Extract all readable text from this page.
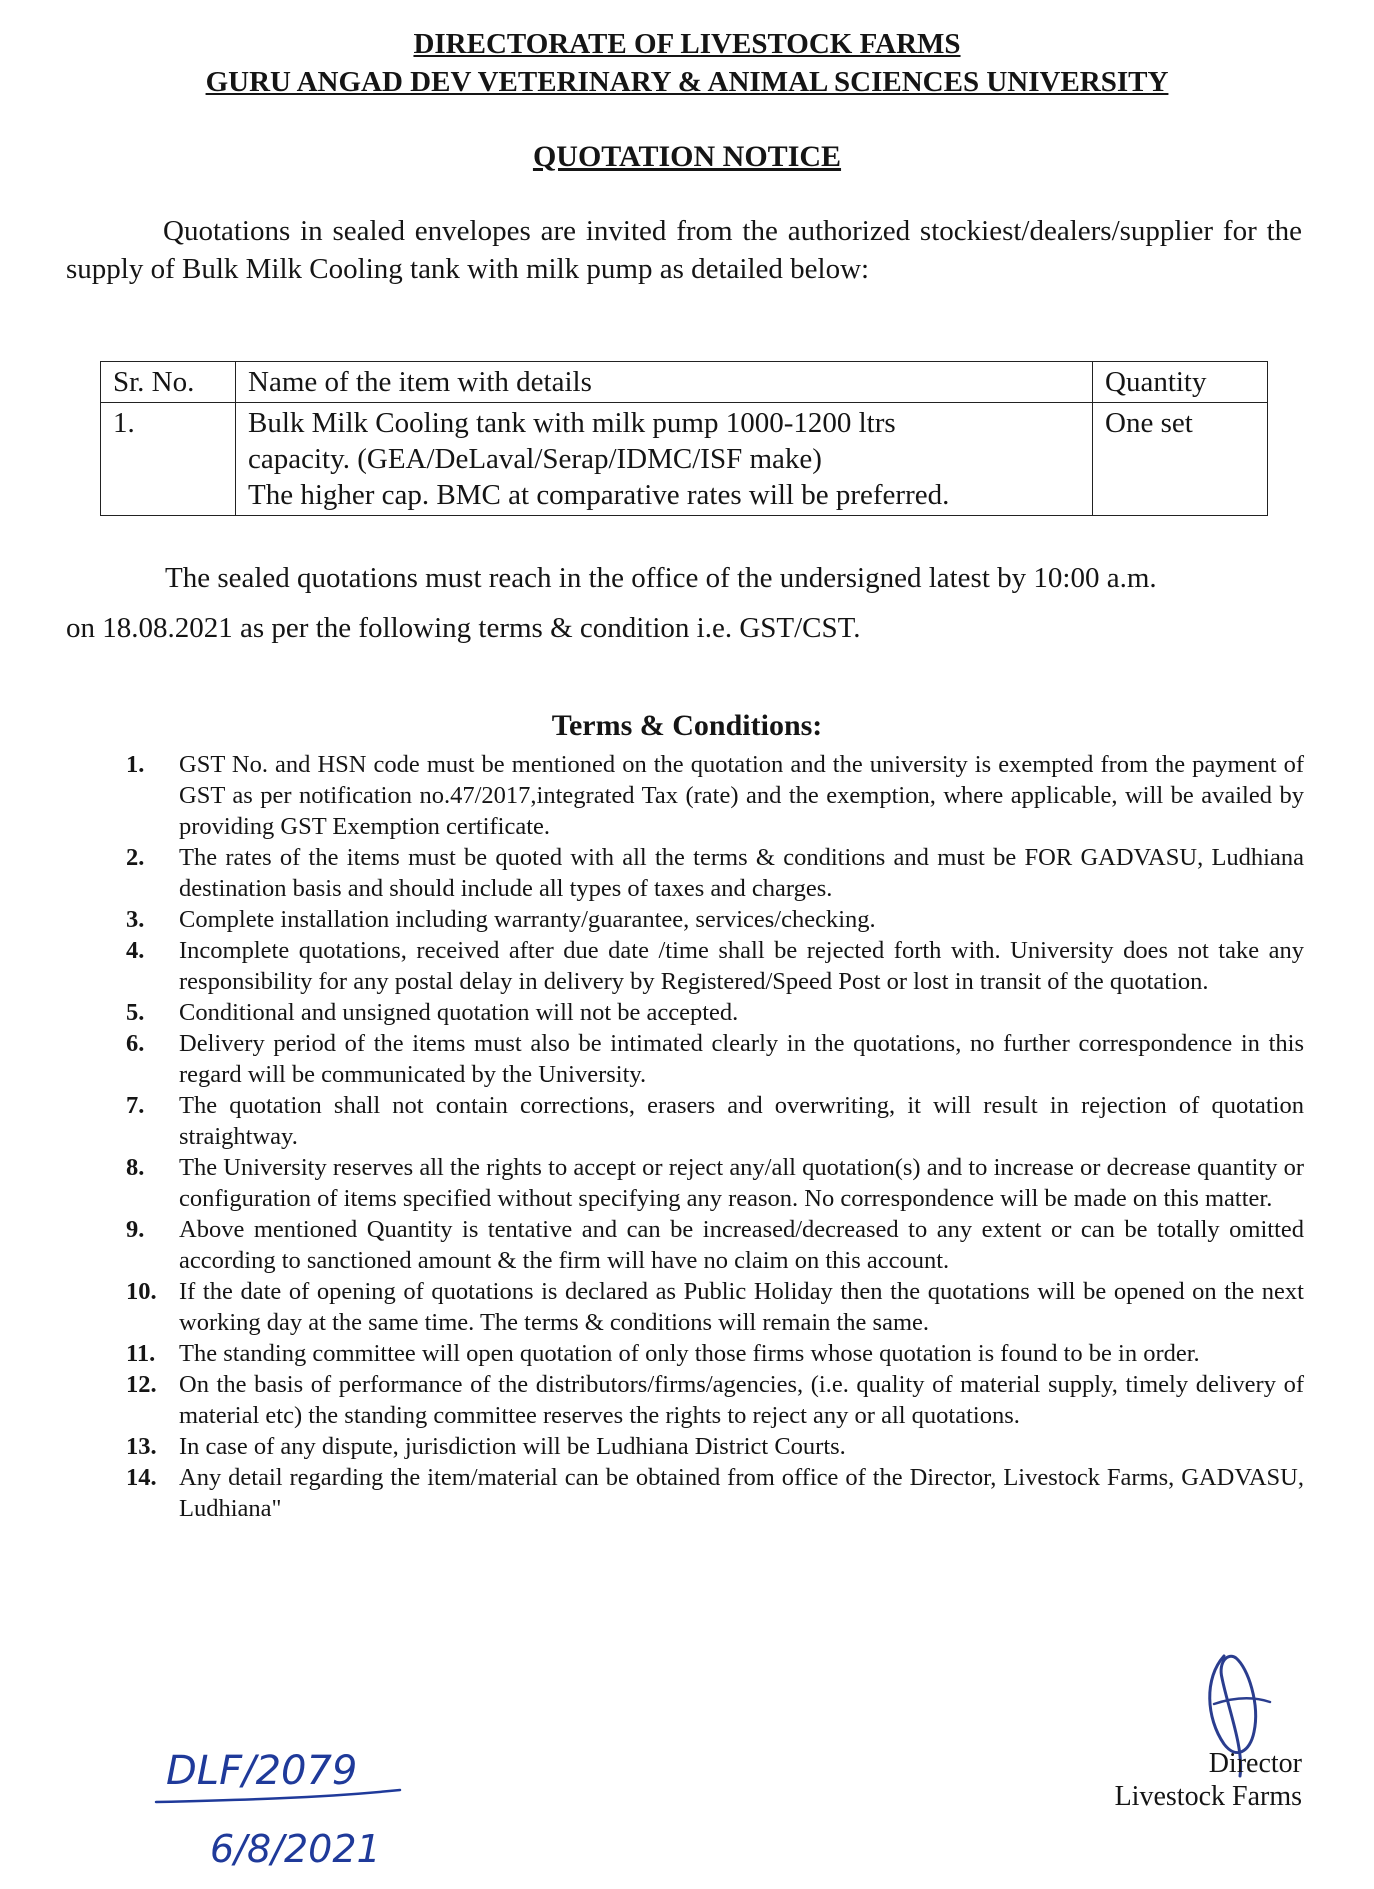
DIRECTORATE OF LIVESTOCK FARMS
GURU ANGAD DEV VETERINARY & ANIMAL SCIENCES UNIVERSITY
QUOTATION NOTICE
Quotations in sealed envelopes are invited from the authorized stockiest/dealers/supplier for the supply of Bulk Milk Cooling tank with milk pump as detailed below:
Sr. No.	Name of the item with details	Quantity
1.	Bulk Milk Cooling tank with milk pump 1000-1200 ltrs
capacity. (GEA/DeLaval/Serap/IDMC/ISF make)
The higher cap. BMC at comparative rates will be preferred.	One set
The sealed quotations must reach in the office of the undersigned latest by 10:00 a.m.
on 18.08.2021 as per the following terms & condition i.e. GST/CST.
Terms & Conditions:
1. GST No. and HSN code must be mentioned on the quotation and the university is exempted from the payment of GST as per notification no.47/2017,integrated Tax (rate) and the exemption, where applicable, will be availed by providing GST Exemption certificate.
2. The rates of the items must be quoted with all the terms & conditions and must be FOR GADVASU, Ludhiana destination basis and should include all types of taxes and charges.
3. Complete installation including warranty/guarantee, services/checking.
4. Incomplete quotations, received after due date /time shall be rejected forth with. University does not take any responsibility for any postal delay in delivery by Registered/Speed Post or lost in transit of the quotation.
5. Conditional and unsigned quotation will not be accepted.
6. Delivery period of the items must also be intimated clearly in the quotations, no further correspondence in this regard will be communicated by the University.
7. The quotation shall not contain corrections, erasers and overwriting, it will result in rejection of quotation straightway.
8. The University reserves all the rights to accept or reject any/all quotation(s) and to increase or decrease quantity or configuration of items specified without specifying any reason. No correspondence will be made on this matter.
9. Above mentioned Quantity is tentative and can be increased/decreased to any extent or can be totally omitted according to sanctioned amount & the firm will have no claim on this account.
10. If the date of opening of quotations is declared as Public Holiday then the quotations will be opened on the next working day at the same time. The terms & conditions will remain the same.
11. The standing committee will open quotation of only those firms whose quotation is found to be in order.
12. On the basis of performance of the distributors/firms/agencies, (i.e. quality of material supply, timely delivery of material etc) the standing committee reserves the rights to reject any or all quotations.
13. In case of any dispute, jurisdiction will be Ludhiana District Courts.
14. Any detail regarding the item/material can be obtained from office of the Director, Livestock Farms, GADVASU, Ludhiana"
Director
Livestock Farms
DLF/2079
6/8/2021
